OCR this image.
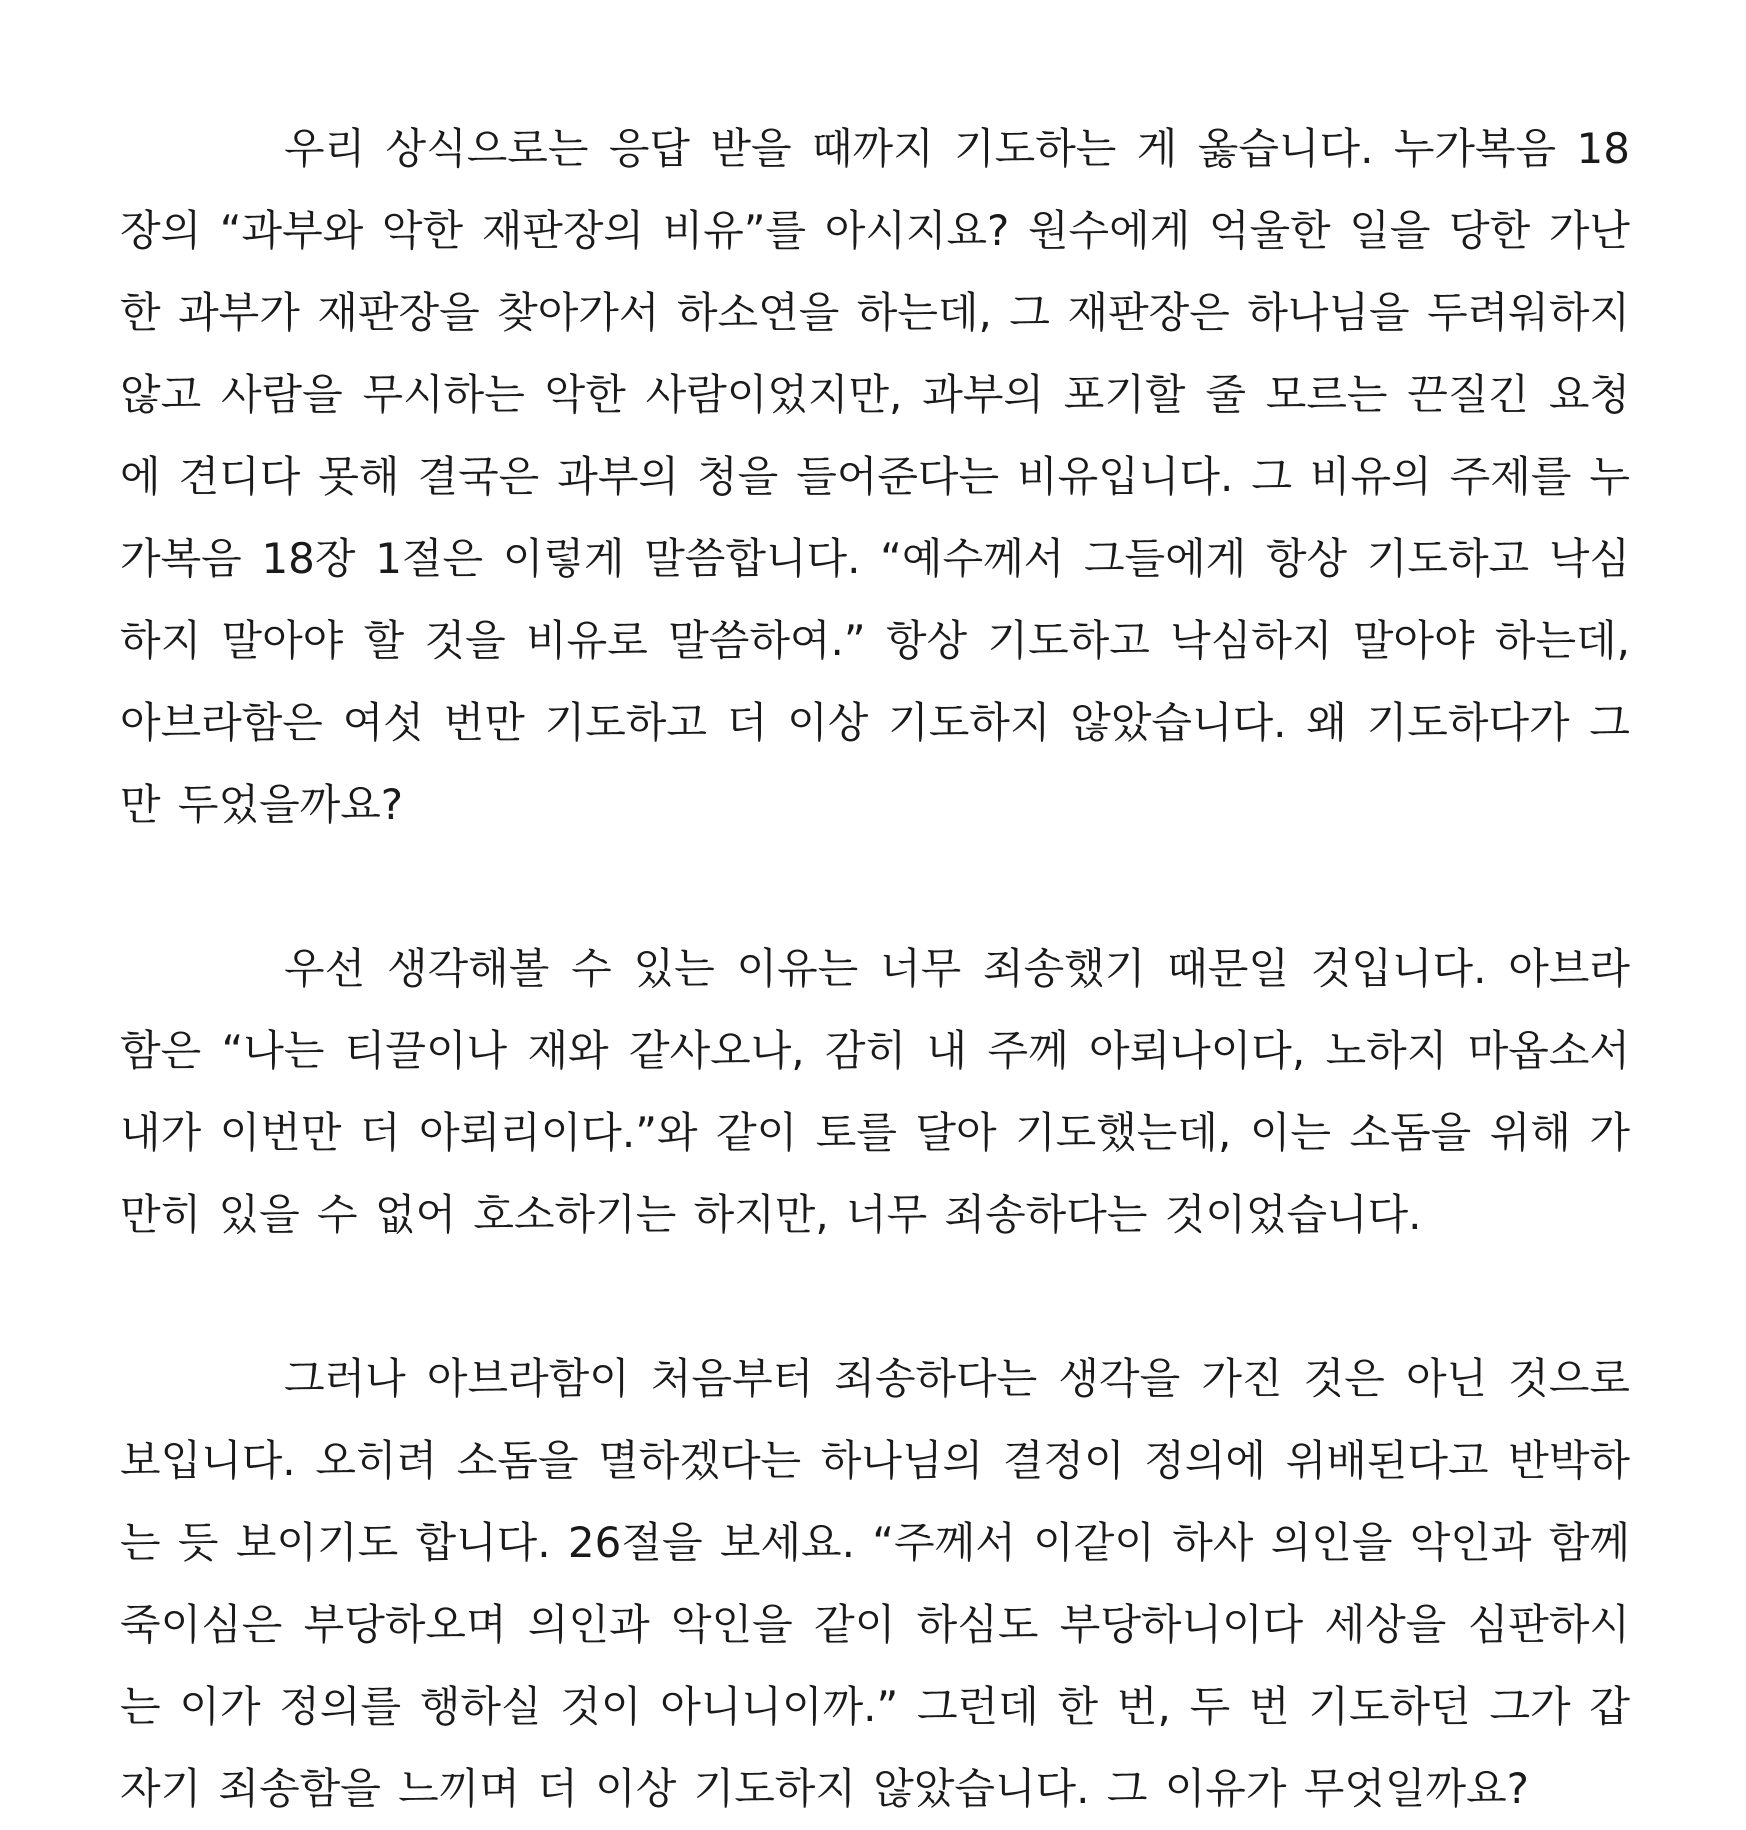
우리 상식으로는 응답 받을 때까지 기도하는 게 옳습니다. 누가복음 18장의 “과부와 악한 재판장의 비유”를 아시지요? 원수에게 억울한 일을 당한 가난한 과부가 재판장을 찾아가서 하소연을 하는데, 그 재판장은 하나님을 두려워하지 않고 사람을 무시하는 악한 사람이었지만, 과부의 포기할 줄 모르는 끈질긴 요청에 견디다 못해 결국은 과부의 청을 들어준다는 비유입니다. 그 비유의 주제를 누가복음 18장 1절은 이렇게 말씀합니다. “예수께서 그들에게 항상 기도하고 낙심하지 말아야 할 것을 비유로 말씀하여.” 항상 기도하고 낙심하지 말아야 하는데, 아브라함은 여섯 번만 기도하고 더 이상 기도하지 않았습니다. 왜 기도하다가 그만 두었을까요?

우선 생각해볼 수 있는 이유는 너무 죄송했기 때문일 것입니다. 아브라함은 “나는 티끌이나 재와 같사오나, 감히 내 주께 아뢰나이다, 노하지 마옵소서 내가 이번만 더 아뢰리이다.”와 같이 토를 달아 기도했는데, 이는 소돔을 위해 가만히 있을 수 없어 호소하기는 하지만, 너무 죄송하다는 것이었습니다.

그러나 아브라함이 처음부터 죄송하다는 생각을 가진 것은 아닌 것으로 보입니다. 오히려 소돔을 멸하겠다는 하나님의 결정이 정의에 위배된다고 반박하는 듯 보이기도 합니다. 26절을 보세요. “주께서 이같이 하사 의인을 악인과 함께 죽이심은 부당하오며 의인과 악인을 같이 하심도 부당하니이다 세상을 심판하시는 이가 정의를 행하실 것이 아니니이까.” 그런데 한 번, 두 번 기도하던 그가 갑자기 죄송함을 느끼며 더 이상 기도하지 않았습니다. 그 이유가 무엇일까요?
